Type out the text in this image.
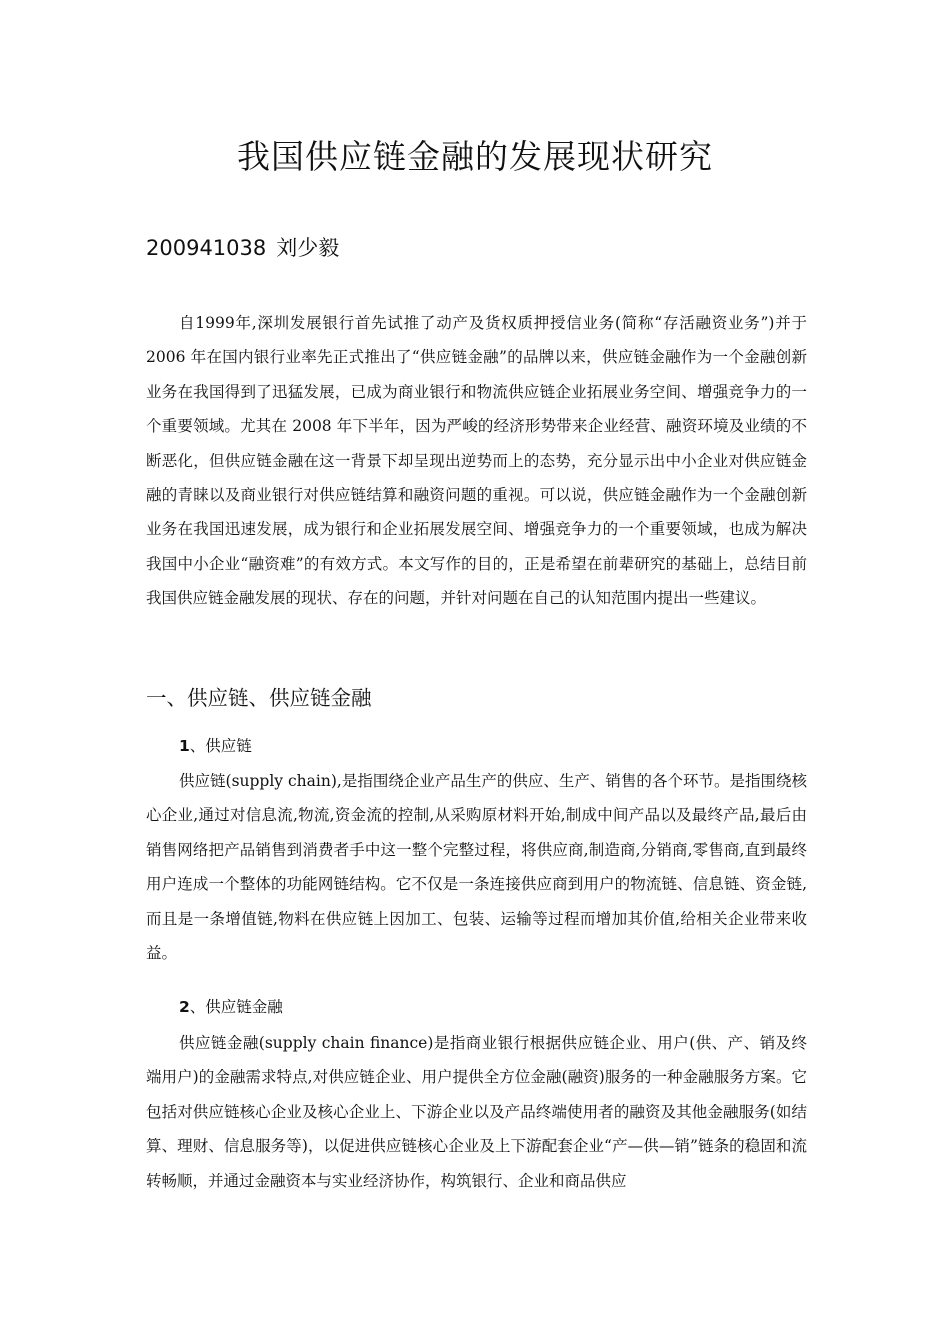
我国供应链金融的发展现状研究
200941038 刘少毅

自1999年,深圳发展银行首先试推了动产及货权质押授信业务(简称“存活融资业务”)并于2006 年在国内银行业率先正式推出了“供应链金融”的品牌以来，供应链金融作为一个金融创新业务在我国得到了迅猛发展，已成为商业银行和物流供应链企业拓展业务空间、增强竞争力的一个重要领域。尤其在 2008 年下半年，因为严峻的经济形势带来企业经营、融资环境及业绩的不断恶化，但供应链金融在这一背景下却呈现出逆势而上的态势，充分显示出中小企业对供应链金融的青睐以及商业银行对供应链结算和融资问题的重视。可以说，供应链金融作为一个金融创新业务在我国迅速发展，成为银行和企业拓展发展空间、增强竞争力的一个重要领域，也成为解决我国中小企业“融资难”的有效方式。本文写作的目的，正是希望在前辈研究的基础上，总结目前我国供应链金融发展的现状、存在的问题，并针对问题在自己的认知范围内提出一些建议。

一、供应链、供应链金融
1、供应链

供应链(supply chain),是指围绕企业产品生产的供应、生产、销售的各个环节。是指围绕核心企业,通过对信息流,物流,资金流的控制,从采购原材料开始,制成中间产品以及最终产品,最后由销售网络把产品销售到消费者手中这一整个完整过程，将供应商,制造商,分销商,零售商,直到最终用户连成一个整体的功能网链结构。它不仅是一条连接供应商到用户的物流链、信息链、资金链,而且是一条增值链,物料在供应链上因加工、包装、运输等过程而增加其价值,给相关企业带来收益。

2、供应链金融

供应链金融(supply chain finance)是指商业银行根据供应链企业、用户(供、产、销及终端用户)的金融需求特点,对供应链企业、用户提供全方位金融(融资)服务的一种金融服务方案。它包括对供应链核心企业及核心企业上、下游企业以及产品终端使用者的融资及其他金融服务(如结算、理财、信息服务等)，以促进供应链核心企业及上下游配套企业“产—供—销”链条的稳固和流转畅顺，并通过金融资本与实业经济协作，构筑银行、企业和商品供应
